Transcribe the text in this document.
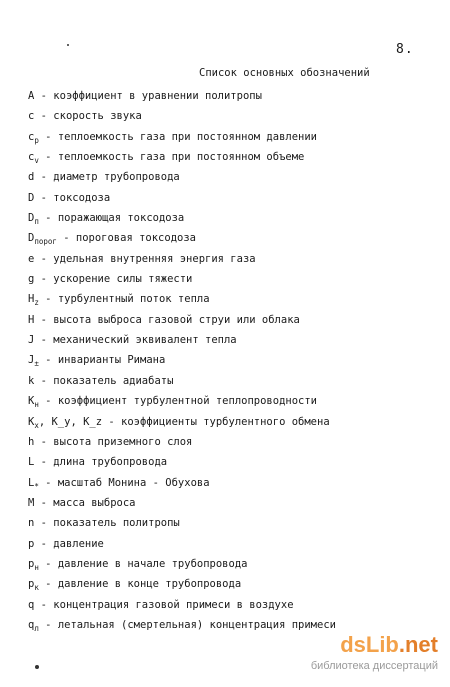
8.
Список основных обозначений
A - коэффициент в уравнении политропы
c - скорость звука
$c_p$ - теплоемкость газа при постоянном давлении
$c_v$ - теплоемкость газа при постоянном объеме
d - диаметр трубопровода
D - токсодоза
$D_п$ - поражающая токсодоза
$D_{порог}$ - пороговая токсодоза
e - удельная внутренняя энергия газа
g - ускорение силы тяжести
$H_z$ - турбулентный поток тепла
H - высота выброса газовой струи или облака
J - механический эквивалент тепла
$J_\pm$ - инварианты Римана
k - показатель адиабаты
$K_н$ - коэффициент турбулентной теплопроводности
$K_x$, K_y, K_z - коэффициенты турбулентного обмена
h - высота приземного слоя
L - длина трубопровода
$L_*$ - масштаб Монина - Обухова
M - масса выброса
n - показатель политропы
p - давление
$p_н$ - давление в начале трубопровода
$p_к$ - давление в конце трубопровода
q - концентрация газовой примеси в воздухе
$q_л$ - летальная (смертельная) концентрация примеси
dsLib.net
библиотека диссертаций
